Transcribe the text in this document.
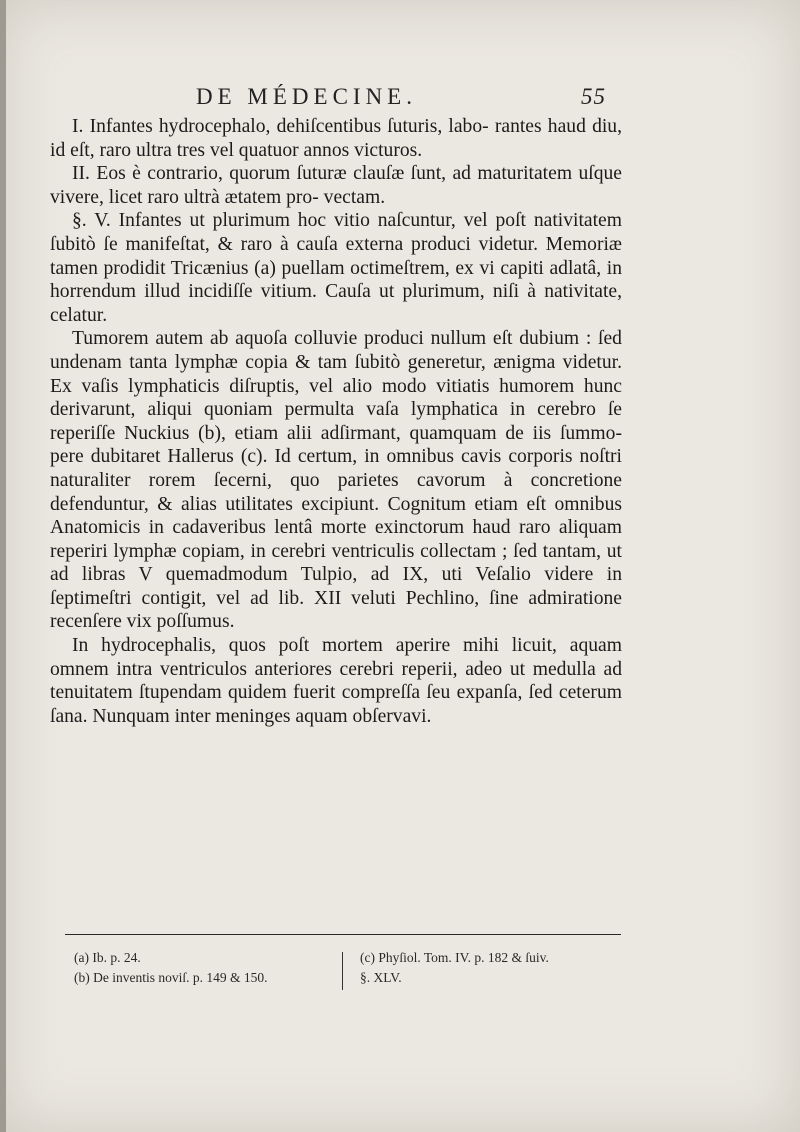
DE MÉDECINE.	55

I. Infantes hydrocephalo, dehiſcentibus ſuturis, labo- rantes haud diu, id eſt, raro ultra tres vel quatuor annos victuros.

II. Eos è contrario, quorum ſuturæ clauſæ ſunt, ad maturitatem uſque vivere, licet raro ultrà ætatem pro- vectam.

§. V. Infantes ut plurimum hoc vitio naſcuntur, vel poſt nativitatem ſubitò ſe manifeſtat, & raro à cauſa externa produci videtur. Memoriæ tamen prodidit Tricænius (a) puellam octimeſtrem, ex vi capiti adlatâ, in horrendum illud incidiſſe vitium. Cauſa ut plurimum, niſi à nativitate, celatur.

Tumorem autem ab aquoſa colluvie produci nullum eſt dubium : ſed undenam tanta lymphæ copia & tam ſubitò generetur, ænigma videtur. Ex vaſis lymphaticis diſruptis, vel alio modo vitiatis humorem hunc derivarunt, aliqui quoniam permulta vaſa lymphatica in cerebro ſe reperiſſe Nuckius (b), etiam alii adſirmant, quamquam de iis ſummo- pere dubitaret Hallerus (c). Id certum, in omnibus cavis corporis noſtri naturaliter rorem ſecerni, quo parietes cavorum à concretione defenduntur, & alias utilitates excipiunt. Cognitum etiam eſt omnibus Anatomicis in cadaveribus lentâ morte exinctorum haud raro aliquam reperiri lymphæ copiam, in cerebri ventriculis collectam ; ſed tantam, ut ad libras V quemadmodum Tulpio, ad IX, uti Veſalio videre in ſeptimeſtri contigit, vel ad lib. XII veluti Pechlino, ſine admiratione recenſere vix poſſumus.

In hydrocephalis, quos poſt mortem aperire mihi licuit, aquam omnem intra ventriculos anteriores cerebri reperii, adeo ut medulla ad tenuitatem ſtupendam quidem fuerit compreſſa ſeu expanſa, ſed ceterum ſana. Nunquam inter meninges aquam obſervavi.

(a) Ib. p. 24.
(b) De inventis noviſ. p. 149 & 150.
(c) Phyſiol. Tom. IV. p. 182 & ſuiv.
§. XLV.
